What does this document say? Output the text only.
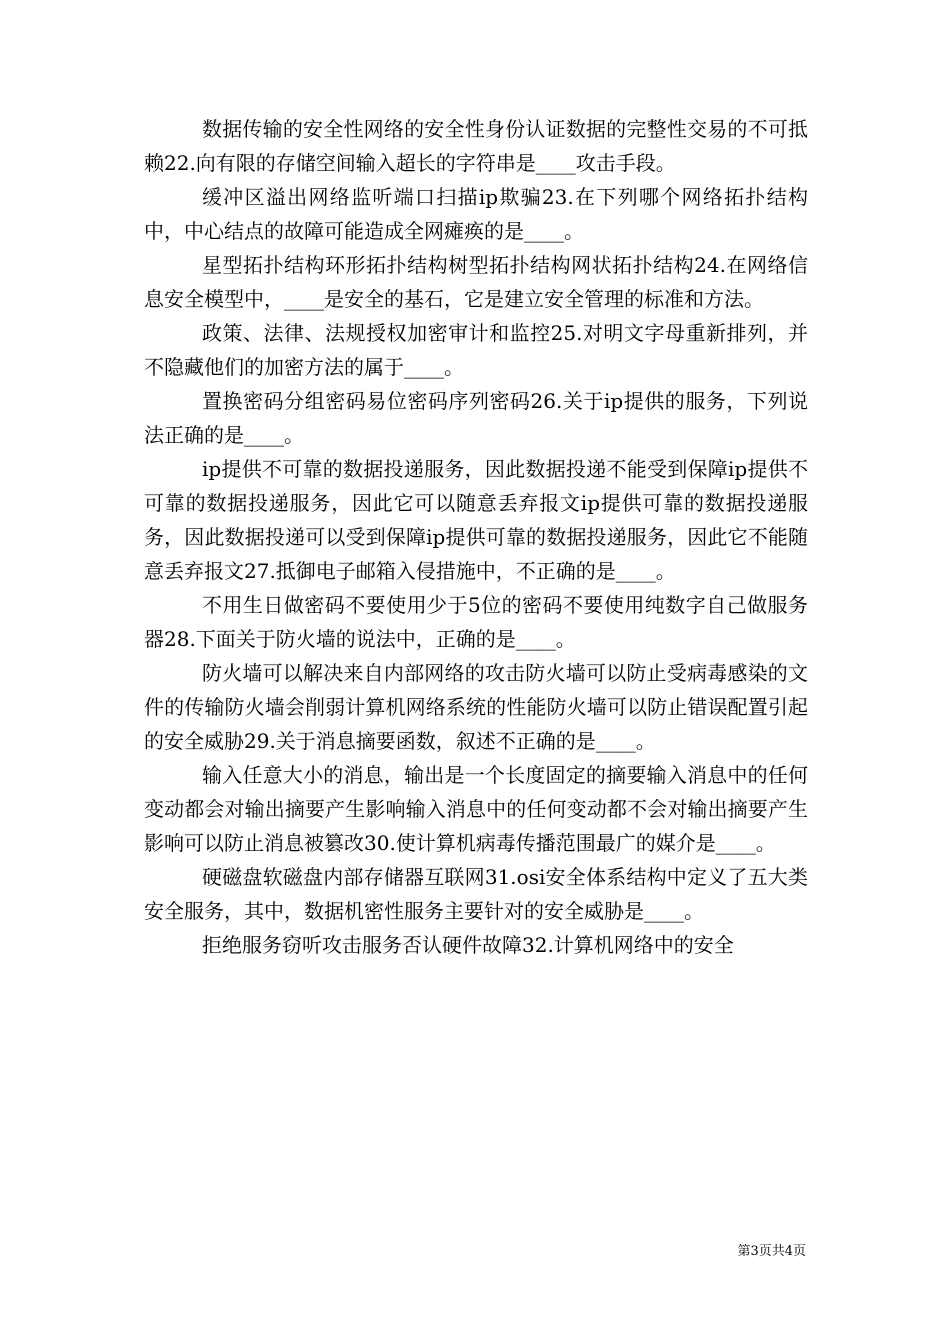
数据传输的安全性网络的安全性身份认证数据的完整性交易的不可抵赖22.向有限的存储空间输入超长的字符串是____攻击手段。

缓冲区溢出网络监听端口扫描ip欺骗23.在下列哪个网络拓扑结构中，中心结点的故障可能造成全网瘫痪的是____。

星型拓扑结构环形拓扑结构树型拓扑结构网状拓扑结构24.在网络信息安全模型中，____是安全的基石，它是建立安全管理的标准和方法。

政策、法律、法规授权加密审计和监控25.对明文字母重新排列，并不隐藏他们的加密方法的属于____。

置换密码分组密码易位密码序列密码26.关于ip提供的服务，下列说法正确的是____。

ip提供不可靠的数据投递服务，因此数据投递不能受到保障ip提供不可靠的数据投递服务，因此它可以随意丢弃报文ip提供可靠的数据投递服务，因此数据投递可以受到保障ip提供可靠的数据投递服务，因此它不能随意丢弃报文27.抵御电子邮箱入侵措施中，不正确的是____。

不用生日做密码不要使用少于5位的密码不要使用纯数字自己做服务器28.下面关于防火墙的说法中，正确的是____。

防火墙可以解决来自内部网络的攻击防火墙可以防止受病毒感染的文件的传输防火墙会削弱计算机网络系统的性能防火墙可以防止错误配置引起的安全威胁29.关于消息摘要函数，叙述不正确的是____。

输入任意大小的消息，输出是一个长度固定的摘要输入消息中的任何变动都会对输出摘要产生影响输入消息中的任何变动都不会对输出摘要产生影响可以防止消息被篡改30.使计算机病毒传播范围最广的媒介是____。

硬磁盘软磁盘内部存储器互联网31.osi安全体系结构中定义了五大类安全服务，其中，数据机密性服务主要针对的安全威胁是____。

拒绝服务窃听攻击服务否认硬件故障32.计算机网络中的安全

第3页共4页
